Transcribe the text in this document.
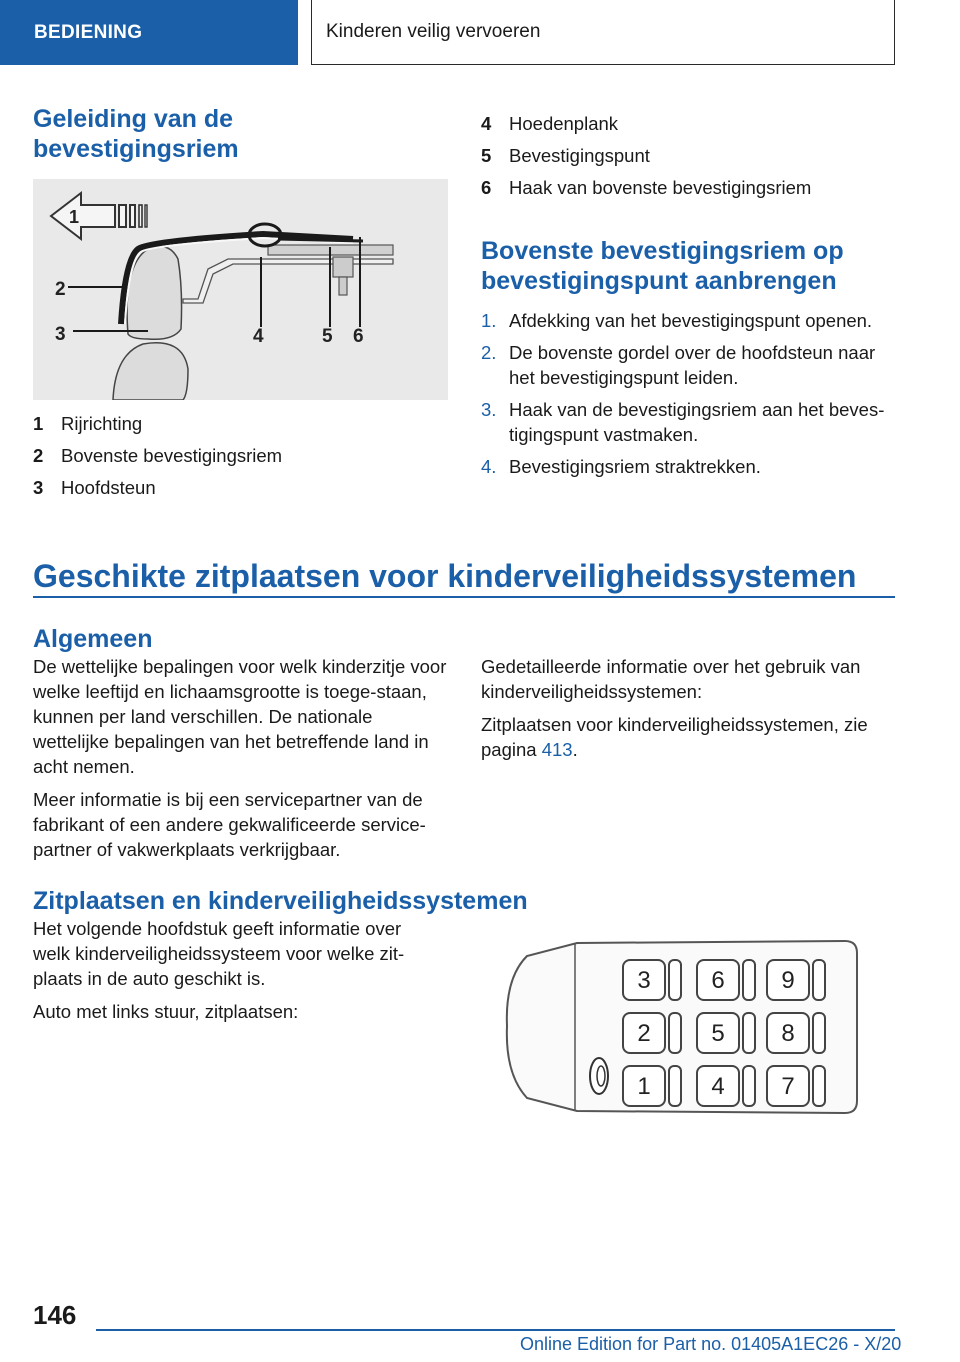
BEDIENING	Kinderen veilig vervoeren
Geleiding van de bevestigingsriem
1
2
3	4	5 6
1 Rijrichting
2 Bovenste bevestigingsriem
3 Hoofdsteun
4 Hoedenplank
5 Bevestigingspunt
6 Haak van bovenste bevestigingsriem
Bovenste bevestigingsriem op bevestigingspunt aanbrengen
1. Afdekking van het bevestigingspunt openen.
2. De bovenste gordel over de hoofdsteun naar het bevestigingspunt leiden.
3. Haak van de bevestigingsriem aan het beves-tigingspunt vastmaken.
4. Bevestigingsriem straktrekken.
Geschikte zitplaatsen voor kinderveiligheidssystemen
Algemeen

De wettelijke bepalingen voor welk kinderzitje voor welke leeftijd en lichaamsgrootte is toege-staan, kunnen per land verschillen. De nationale wettelijke bepalingen van het betreffende land in acht nemen.

Meer informatie is bij een servicepartner van de fabrikant of een andere gekwalificeerde service-partner of vakwerkplaats verkrijgbaar.

Gedetailleerde informatie over het gebruik van kinderveiligheidssystemen:

Zitplaatsen voor kinderveiligheidssystemen, zie pagina 413.

Zitplaatsen en kinderveiligheidssystemen

Het volgende hoofdstuk geeft informatie over welk kinderveiligheidssysteem voor welke zit-plaats in de auto geschikt is.

Auto met links stuur, zitplaatsen:

3	6 9
2	5 8
1	4 7
146
Online Edition for Part no. 01405A1EC26 - X/20
